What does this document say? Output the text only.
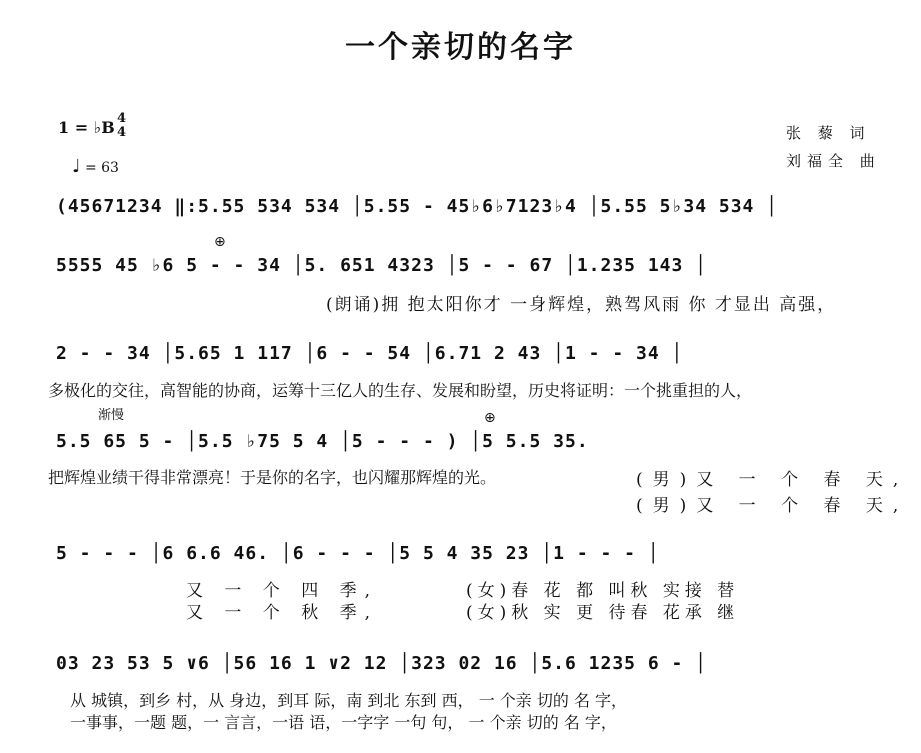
一个亲切的名字
1 = ♭B 4
4
♩ = 63
张 藜 词
刘福全 曲
(45671234 ‖:5.55 534 534 │5.55 - 45♭6♭7123♭4 │5.55 5♭34 534 │
⊕
5555 45 ♭6 5 - - 34 │5. 651 4323 │5 - - 67 │1.235 143 │
(朗诵)拥 抱太阳你才 一身辉煌，熟驾风雨 你 才显出 高强，
2 - - 34 │5.65 1 117 │6 - - 54 │6.71 2 43 │1 - - 34 │
多极化的交往，高智能的协商，运筹十三亿人的生存、发展和盼望，历史将证明：一个挑重担的人，
渐慢	⊕
5.5 65 5 - │5.5 ♭75 5 4 │5 - - - ) │5 5.5 35.
把辉煌业绩干得非常漂亮！于是你的名字，也闪耀那辉煌的光。	(男)又 一 个 春 天,
(男)又 一 个 春 天,
5 - - - │6 6.6 46. │6 - - - │5 5 4 35 23 │1 - - - │
又 一 个 四 季,	(女)春 花 都 叫秋 实接 替
又 一 个 秋 季,	(女)秋 实 更 待春 花承 继
03 23 53 5 ∨6 │56 16 1 ∨2 12 │323 02 16 │5.6 1235 6 - │
从 城镇，到乡 村，从 身边，到耳 际，南 到北 东到 西， 一 个亲 切的 名 字，
一事事，一题 题，一 言言，一语 语，一字字 一句 句， 一 个亲 切的 名 字，
